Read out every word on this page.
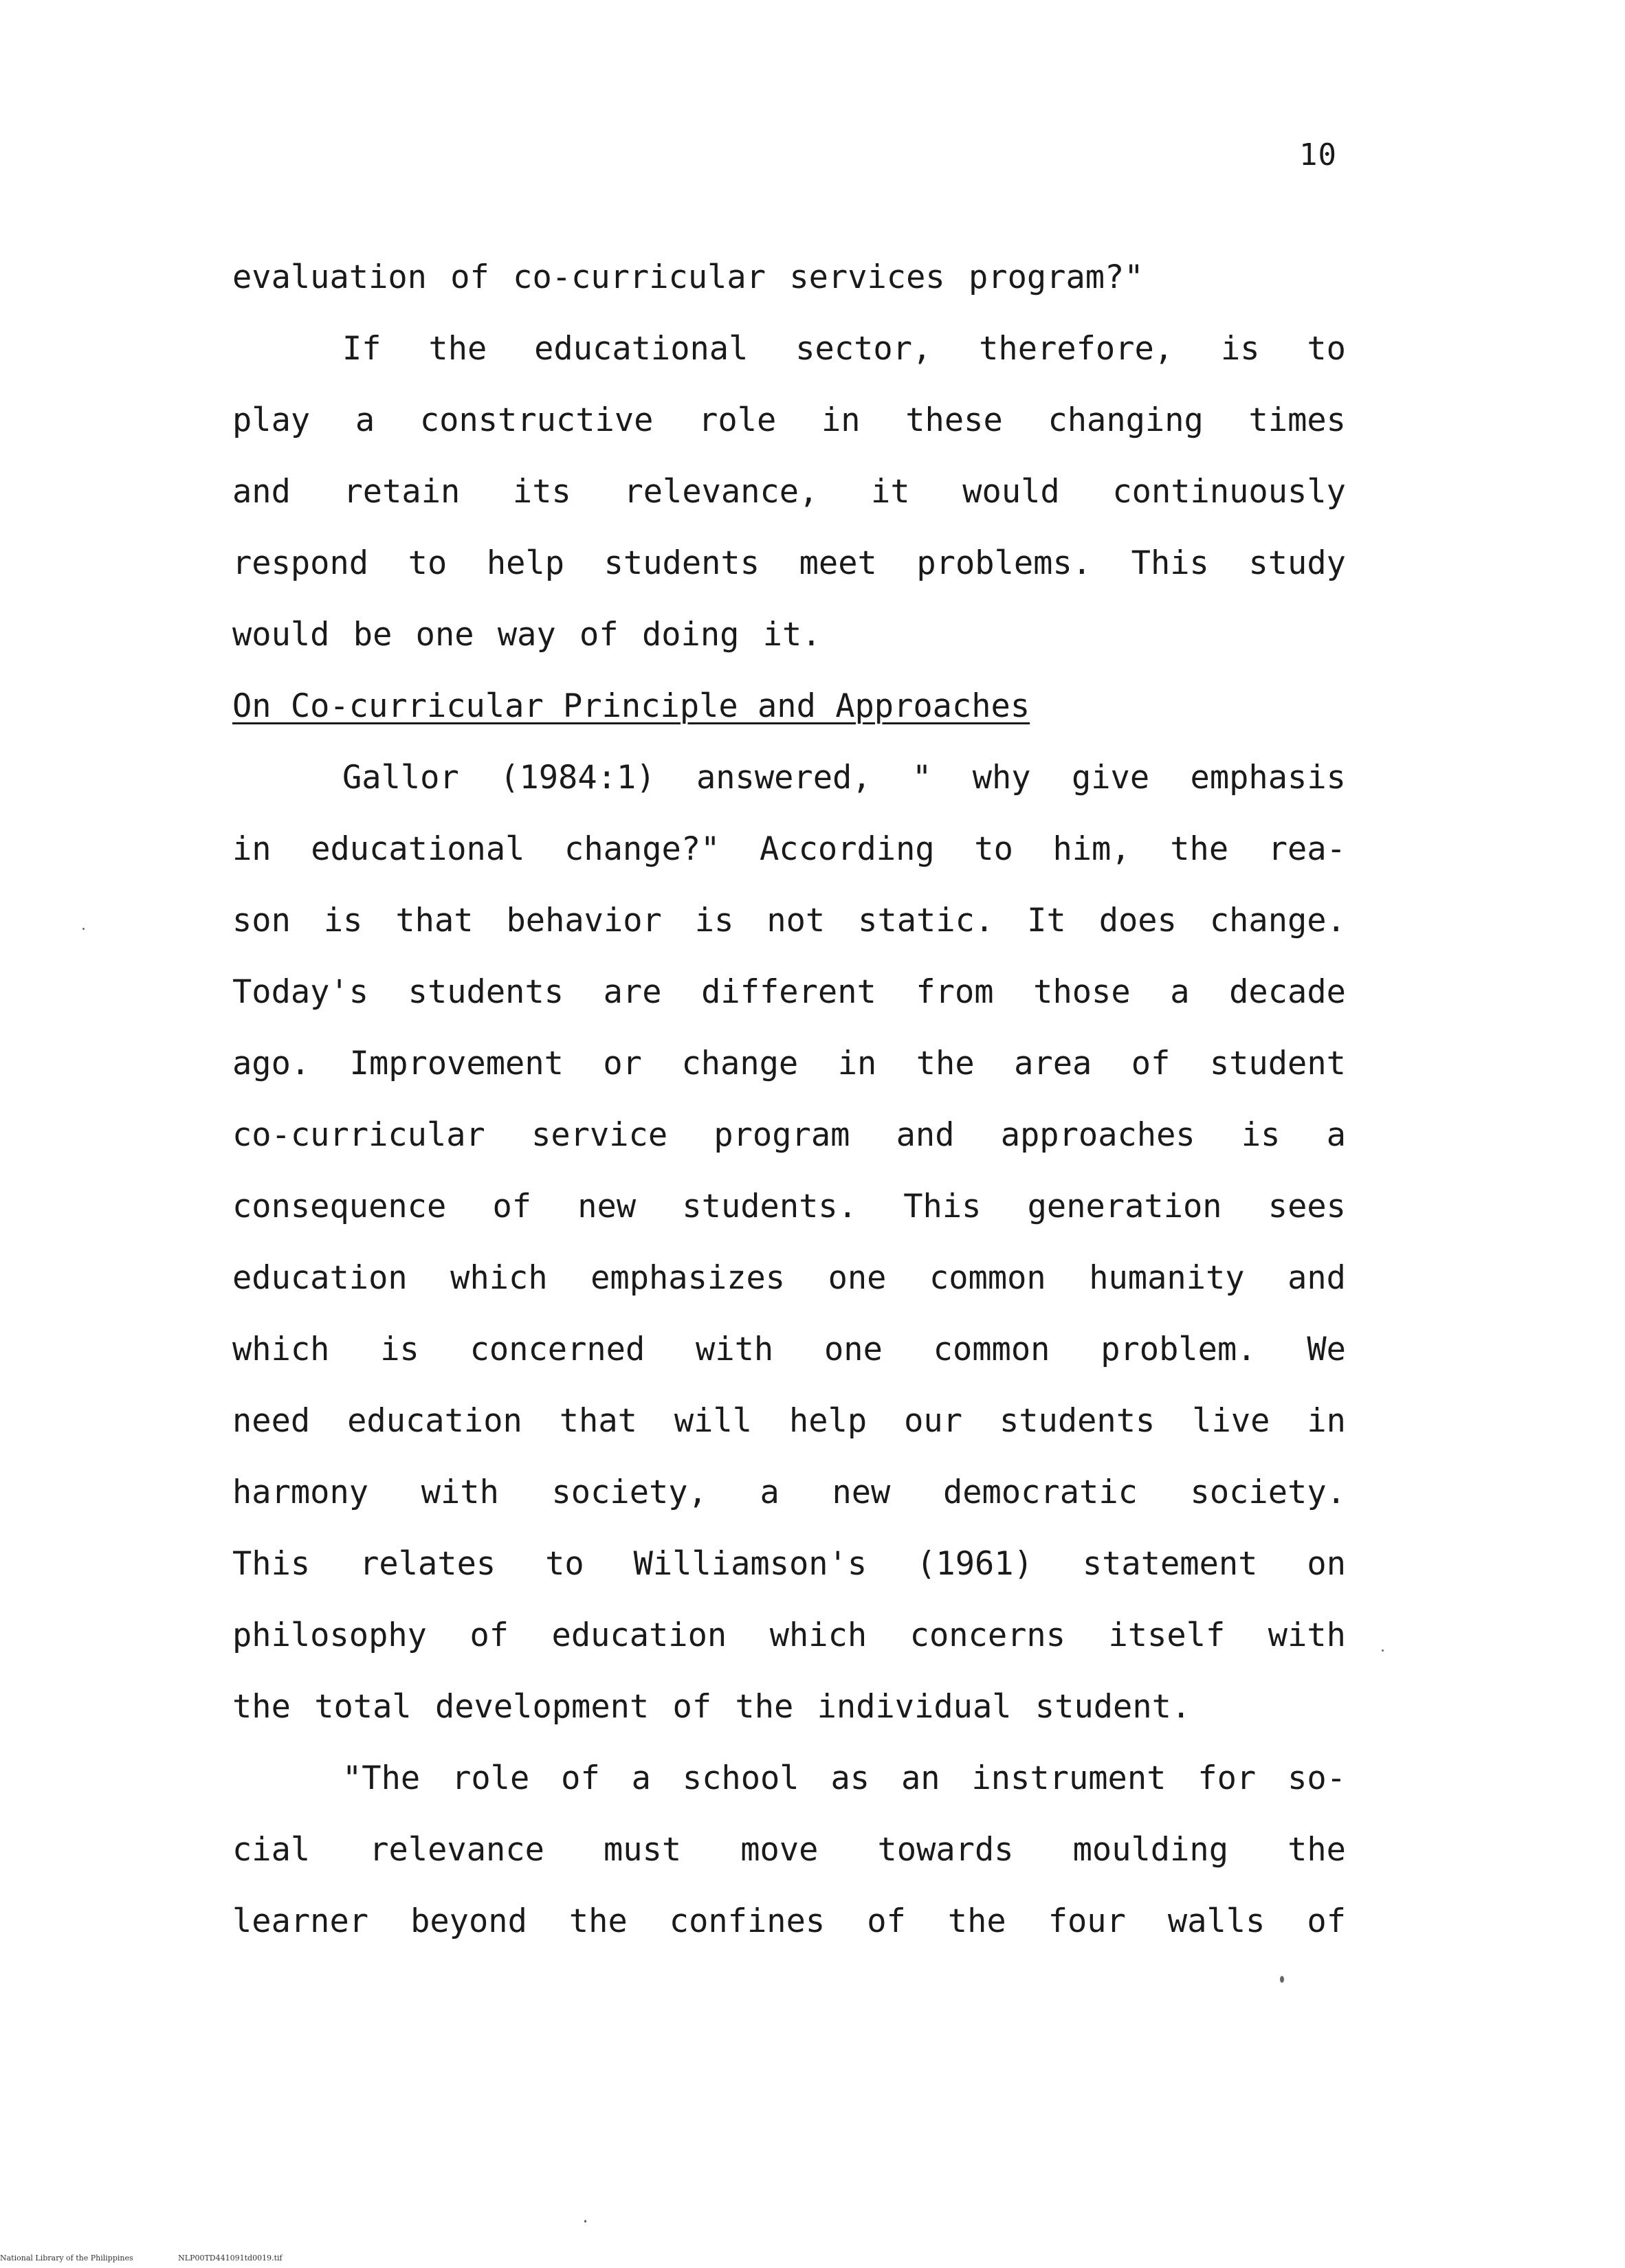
10
evaluation
of
co-curricular
services
program?"
If the educational sector, therefore, is to
play a constructive role in these changing times
and retain its relevance, it would continuously
respond to help students meet problems. This study
would
be
one
way
of
doing
it.
On Co-curricular Principle and Approaches
Gallor (1984:1) answered, " why give emphasis
in educational change?" According to him, the rea-
son is that behavior is not static. It does change.
Today's students are different from those a decade
ago. Improvement or change in the area of student
co-curricular service program and approaches is a
consequence of new students. This generation sees
education which emphasizes one common humanity and
which is concerned with one common problem. We
need education that will help our students live in
harmony with society, a new democratic society.
This relates to Williamson's (1961) statement on
philosophy of education which concerns itself with
the
total
development
of
the
individual
student.
"The role of a school as an instrument for so-
cial relevance must move towards moulding the
learner beyond the confines of the four walls of
National Library of the Philippines	NLP00TD441091td0019.tif
